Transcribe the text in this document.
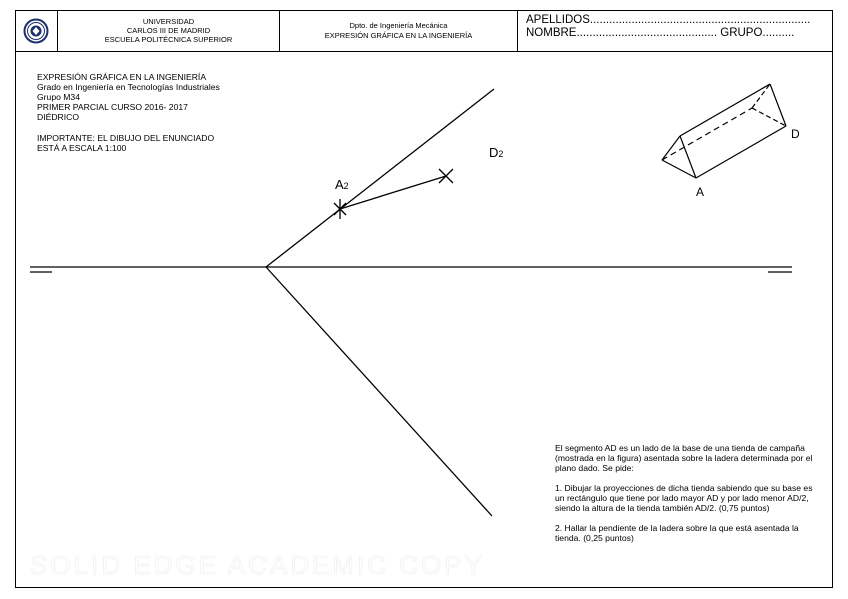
UNIVERSIDAD
CARLOS III DE MADRID
ESCUELA POLITÉCNICA SUPERIOR
Dpto. de Ingeniería Mecánica
EXPRESIÓN GRÁFICA EN LA INGENIERÍA
APELLIDOS.....................................................................
NOMBRE............................................ GRUPO..........
EXPRESIÓN GRÁFICA EN LA INGENIERÍA
Grado en Ingeniería en Tecnologías Industriales
Grupo M34
PRIMER PARCIAL CURSO 2016- 2017
DIÉDRICO
IMPORTANTE: EL DIBUJO DEL ENUNCIADO
ESTÁ A ESCALA 1:100
A2
D2
A
D

El segmento AD es un lado de la base de una tienda de campaña (mostrada en la figura) asentada sobre la ladera determinada por el plano dado. Se pide:

1. Dibujar la proyecciones de dicha tienda sabiendo que su base es un rectángulo que tiene por lado mayor AD y por lado menor AD/2, siendo la altura de la tienda también AD/2. (0,75 puntos)

2. Hallar la pendiente de la ladera sobre la que está asentada la tienda. (0,25 puntos)

SOLID EDGE ACADEMIC COPY
